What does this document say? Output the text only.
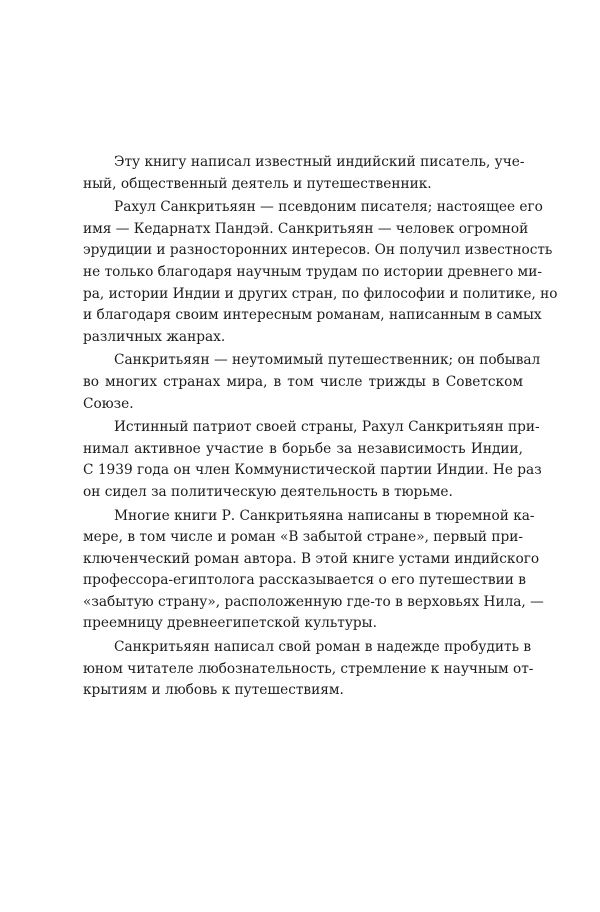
Эту книгу написал известный индийский писатель, уче-
ный, общественный деятель и путешественник.
Рахул Санкритьяян — псевдоним писателя; настоящее его
имя — Кедарнатх Пандэй. Санкритьяян — человек огромной
эрудиции и разносторонних интересов. Он получил известность
не только благодаря научным трудам по истории древнего ми-
ра, истории Индии и других стран, по философии и политике, но
и благодаря своим интересным романам, написанным в самых
различных жанрах.
Санкритьяян — неутомимый путешественник; он побывал
во многих странах мира, в том числе трижды в Советском
Союзе.
Истинный патриот своей страны, Рахул Санкритьяян при-
нимал активное участие в борьбе за независимость Индии,
С 1939 года он член Коммунистической партии Индии. Не раз
он сидел за политическую деятельность в тюрьме.
Многие книги Р. Санкритьяяна написаны в тюремной ка-
мере, в том числе и роман «В забытой стране», первый при-
ключенческий роман автора. В этой книге устами индийского
профессора-египтолога рассказывается о его путешествии в
«забытую страну», расположенную где-то в верховьях Нила, —
преемницу древнеегипетской культуры.
Санкритьяян написал свой роман в надежде пробудить в
юном читателе любознательность, стремление к научным от-
крытиям и любовь к путешествиям.
